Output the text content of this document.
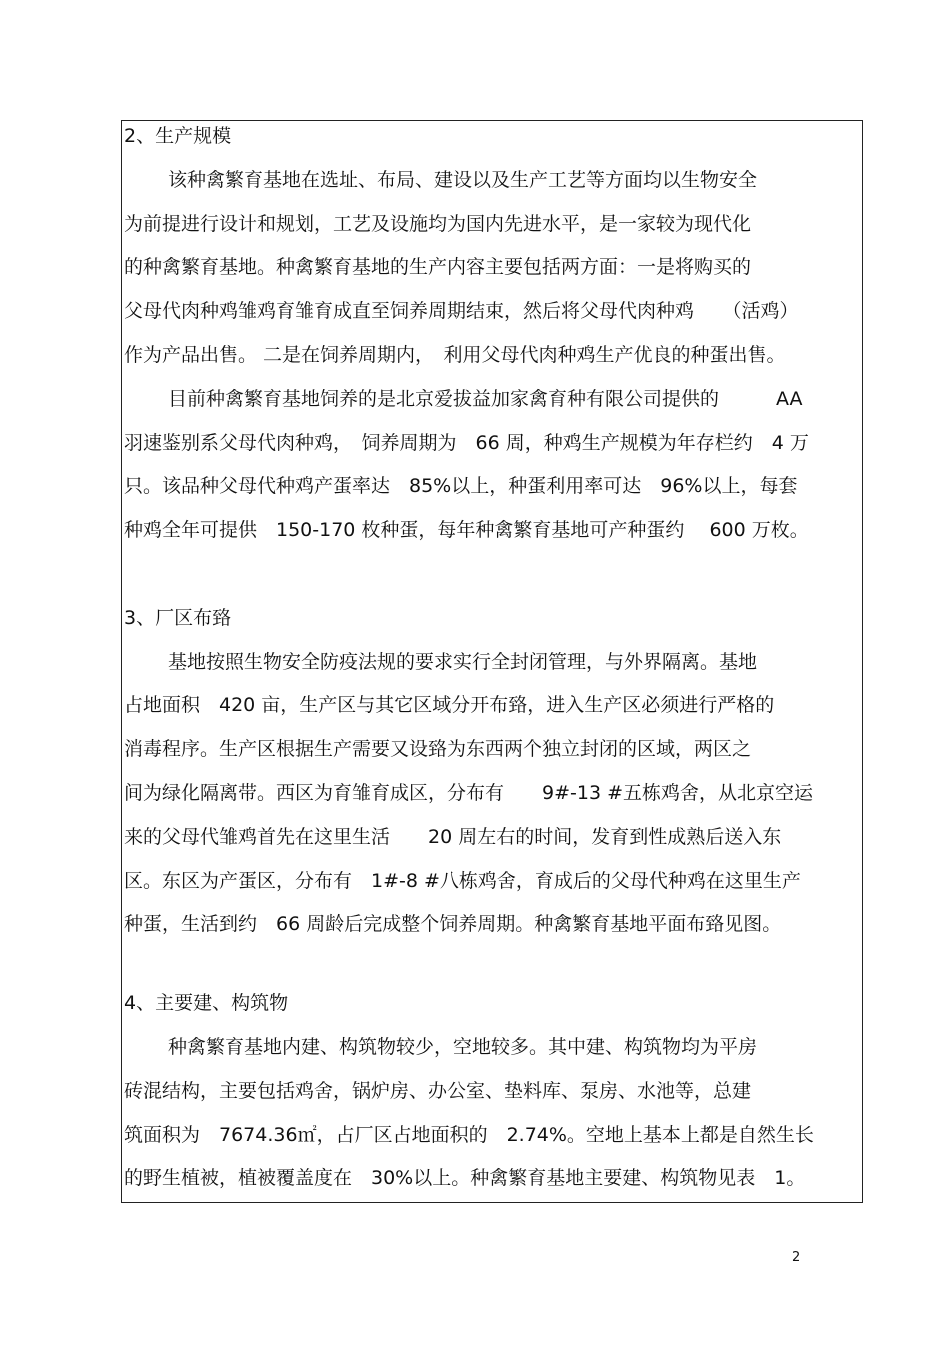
2、生产规模
该种禽繁育基地在选址、布局、建设以及生产工艺等方面均以生物安全
为前提进行设计和规划，工艺及设施均为国内先进水平，是一家较为现代化
的种禽繁育基地。种禽繁育基地的生产内容主要包括两方面：一是将购买的
父母代肉种鸡雏鸡育雏育成直至饲养周期结束，然后将父母代肉种鸡　　（活鸡）
作为产品出售。 二是在饲养周期内，　利用父母代肉种鸡生产优良的种蛋出售。
目前种禽繁育基地饲养的是北京爱拔益加家禽育种有限公司提供的　　　AA
羽速鉴别系父母代肉种鸡，　饲养周期为　66 周，种鸡生产规模为年存栏约　4 万
只。该品种父母代种鸡产蛋率达　85%以上，种蛋利用率可达　96%以上，每套
种鸡全年可提供　150-170 枚种蛋，每年种禽繁育基地可产种蛋约　 600 万枚。
3、厂区布臵
基地按照生物安全防疫法规的要求实行全封闭管理，与外界隔离。基地
占地面积　420 亩，生产区与其它区域分开布臵，进入生产区必须进行严格的
消毒程序。生产区根据生产需要又设臵为东西两个独立封闭的区域，两区之
间为绿化隔离带。西区为育雏育成区，分布有　　9#-13 #五栋鸡舍，从北京空运
来的父母代雏鸡首先在这里生活　　20 周左右的时间，发育到性成熟后送入东
区。东区为产蛋区，分布有　1#-8 #八栋鸡舍，育成后的父母代种鸡在这里生产
种蛋，生活到约　66 周龄后完成整个饲养周期。种禽繁育基地平面布臵见图。
4、主要建、构筑物
种禽繁育基地内建、构筑物较少，空地较多。其中建、构筑物均为平房
砖混结构，主要包括鸡舍，锅炉房、办公室、垫料库、泵房、水池等，总建
筑面积为　7674.36㎡，占厂区占地面积的　2.74%。空地上基本上都是自然生长
的野生植被，植被覆盖度在　30%以上。种禽繁育基地主要建、构筑物见表　1。
2
